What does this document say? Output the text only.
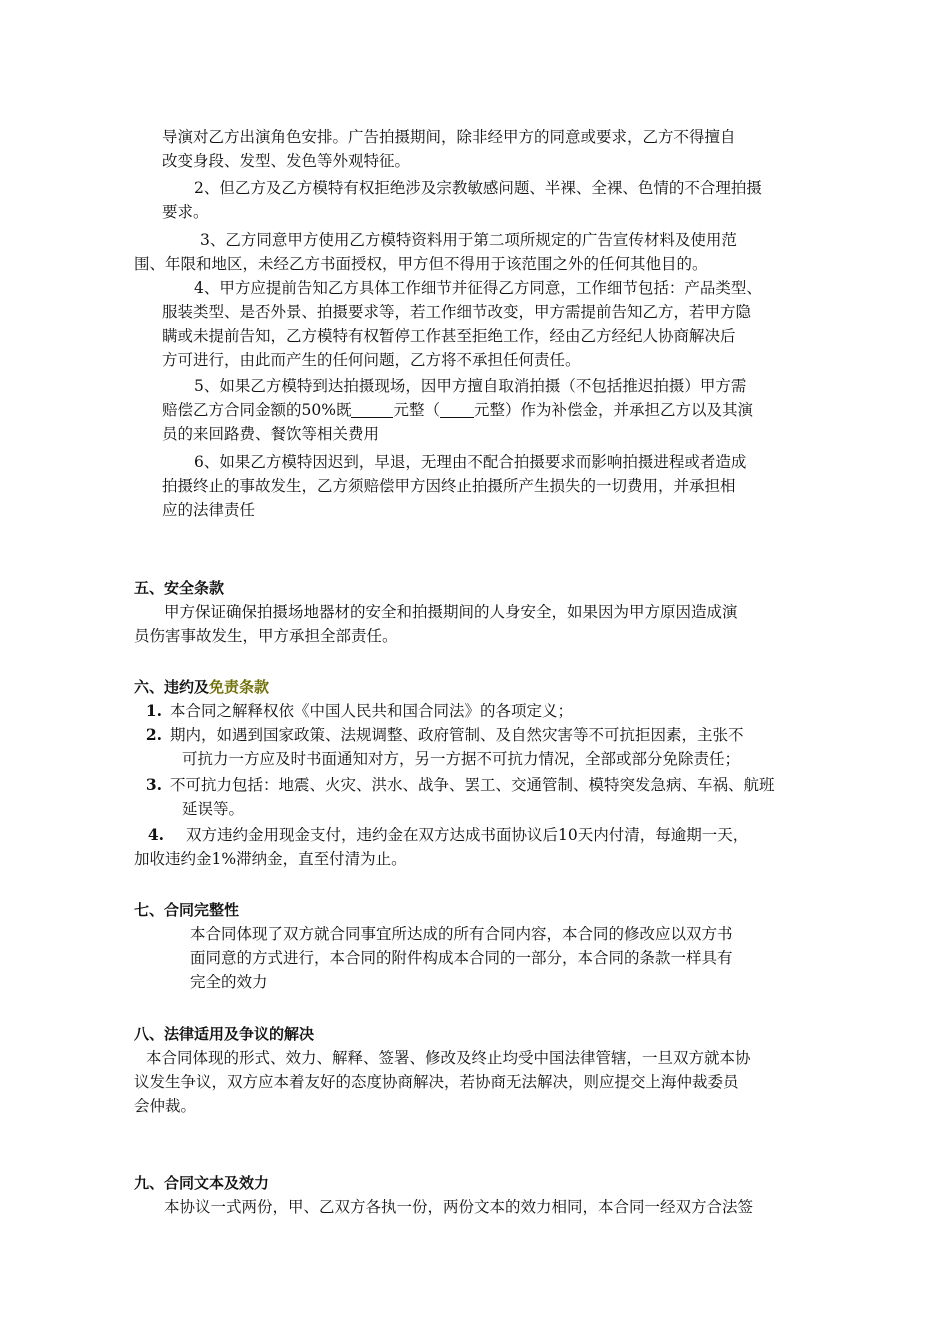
导演对乙方出演角色安排。广告拍摄期间，除非经甲方的同意或要求，乙方不得擅自
改变身段、发型、发色等外观特征。
2、但乙方及乙方模特有权拒绝涉及宗教敏感问题、半裸、全裸、色情的不合理拍摄
要求。
3、乙方同意甲方使用乙方模特资料用于第二项所规定的广告宣传材料及使用范
围、年限和地区，未经乙方书面授权，甲方但不得用于该范围之外的任何其他目的。
4、甲方应提前告知乙方具体工作细节并征得乙方同意，工作细节包括：产品类型、
服装类型、是否外景、拍摄要求等，若工作细节改变，甲方需提前告知乙方，若甲方隐
瞒或未提前告知，乙方模特有权暂停工作甚至拒绝工作，经由乙方经纪人协商解决后
方可进行，由此而产生的任何问题，乙方将不承担任何责任。
5、如果乙方模特到达拍摄现场，因甲方擅自取消拍摄（不包括推迟拍摄）甲方需
赔偿乙方合同金额的50%既	元整（ 元整）作为补偿金，并承担乙方以及其演
员的来回路费、餐饮等相关费用
6、如果乙方模特因迟到，早退，无理由不配合拍摄要求而影响拍摄进程或者造成
拍摄终止的事故发生，乙方须赔偿甲方因终止拍摄所产生损失的一切费用，并承担相
应的法律责任
五、安全条款
甲方保证确保拍摄场地器材的安全和拍摄期间的人身安全，如果因为甲方原因造成演
员伤害事故发生，甲方承担全部责任。
六、违约及免责条款
1. 本合同之解释权依《中国人民共和国合同法》的各项定义；
2. 期内，如遇到国家政策、法规调整、政府管制、及自然灾害等不可抗拒因素，主张不
可抗力一方应及时书面通知对方，另一方据不可抗力情况，全部或部分免除责任；
3. 不可抗力包括：地震、火灾、洪水、战争、罢工、交通管制、模特突发急病、车祸、航班
延误等。
4. 双方违约金用现金支付，违约金在双方达成书面协议后10天内付清，每逾期一天，
加收违约金1%滞纳金，直至付清为止。
七、合同完整性
本合同体现了双方就合同事宜所达成的所有合同内容，本合同的修改应以双方书
面同意的方式进行，本合同的附件构成本合同的一部分，本合同的条款一样具有
完全的效力
八、法律适用及争议的解决
本合同体现的形式、效力、解释、签署、修改及终止均受中国法律管辖，一旦双方就本协
议发生争议，双方应本着友好的态度协商解决，若协商无法解决，则应提交上海仲裁委员
会仲裁。
九、合同文本及效力
本协议一式两份，甲、乙双方各执一份，两份文本的效力相同，本合同一经双方合法签
